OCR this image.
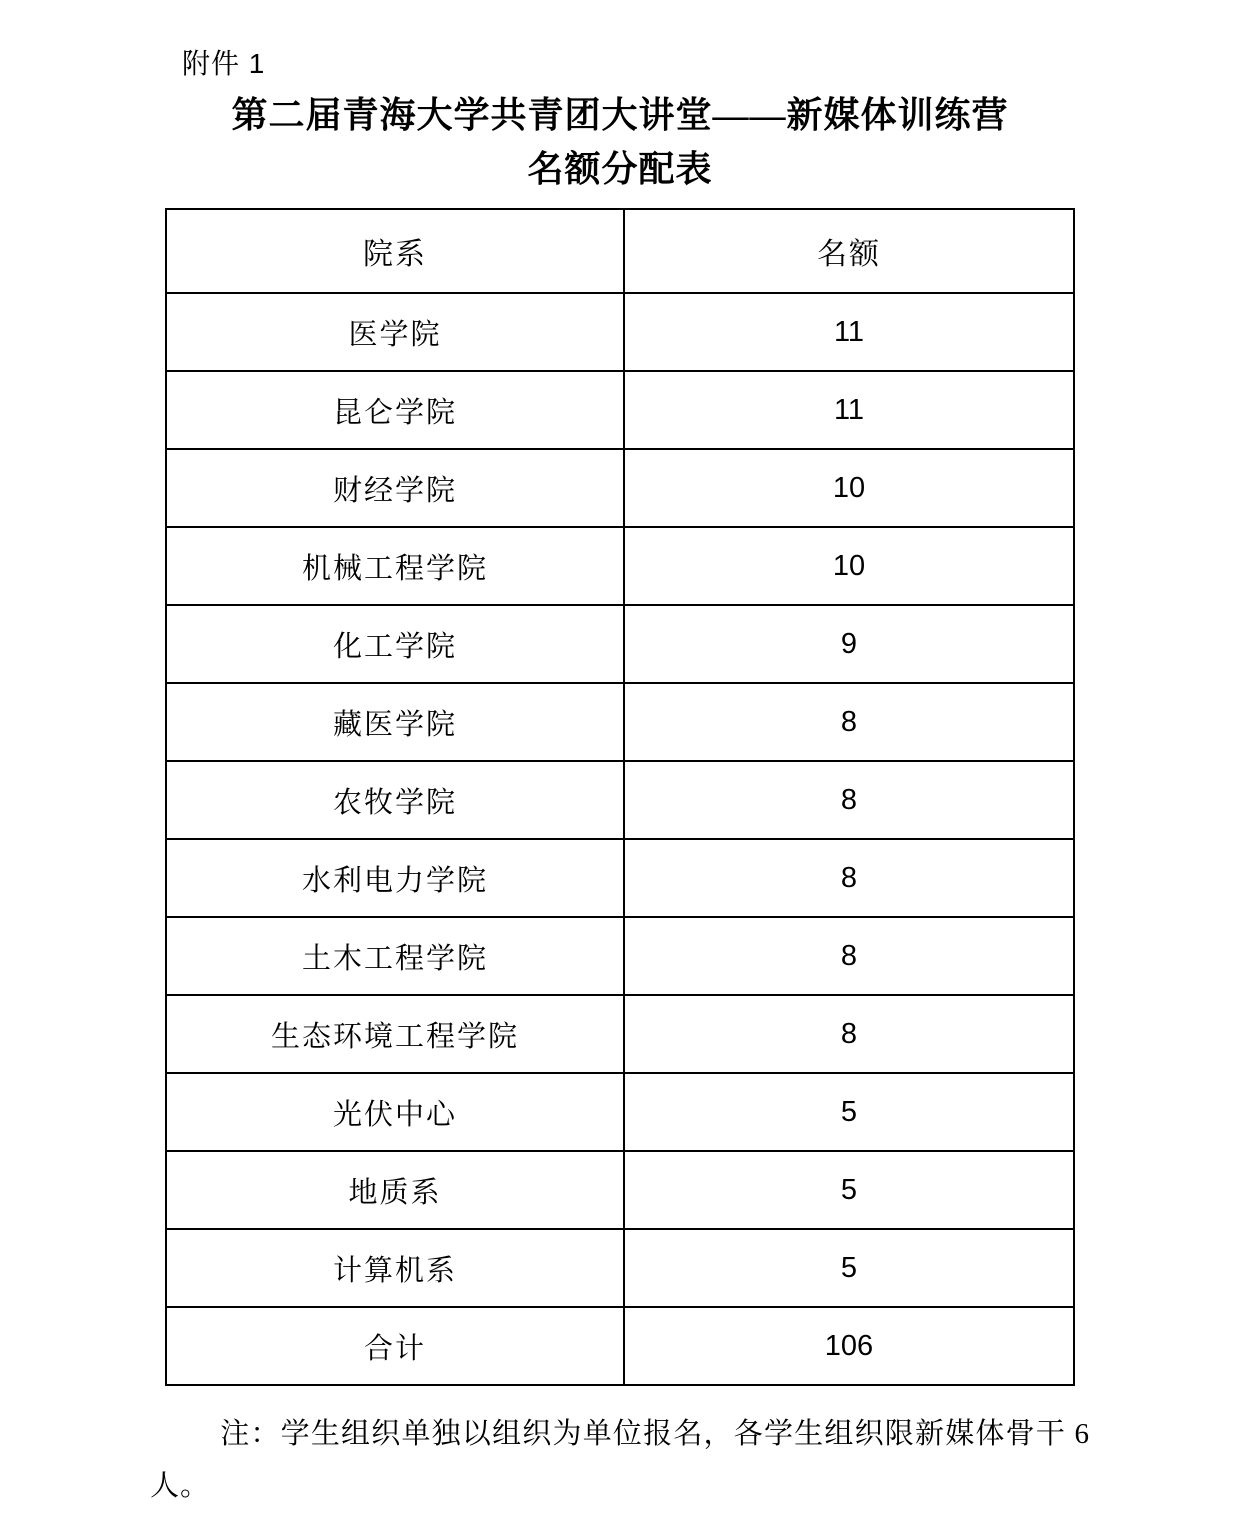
附件 1
第二届青海大学共青团大讲堂——新媒体训练营
名额分配表
院系	名额
医学院	11
昆仑学院	11
财经学院	10
机械工程学院	10
化工学院	9
藏医学院	8
农牧学院	8
水利电力学院	8
土木工程学院	8
生态环境工程学院	8
光伏中心	5
地质系	5
计算机系	5
合计	106

注：学生组织单独以组织为单位报名，各学生组织限新媒体骨干 6 人。
